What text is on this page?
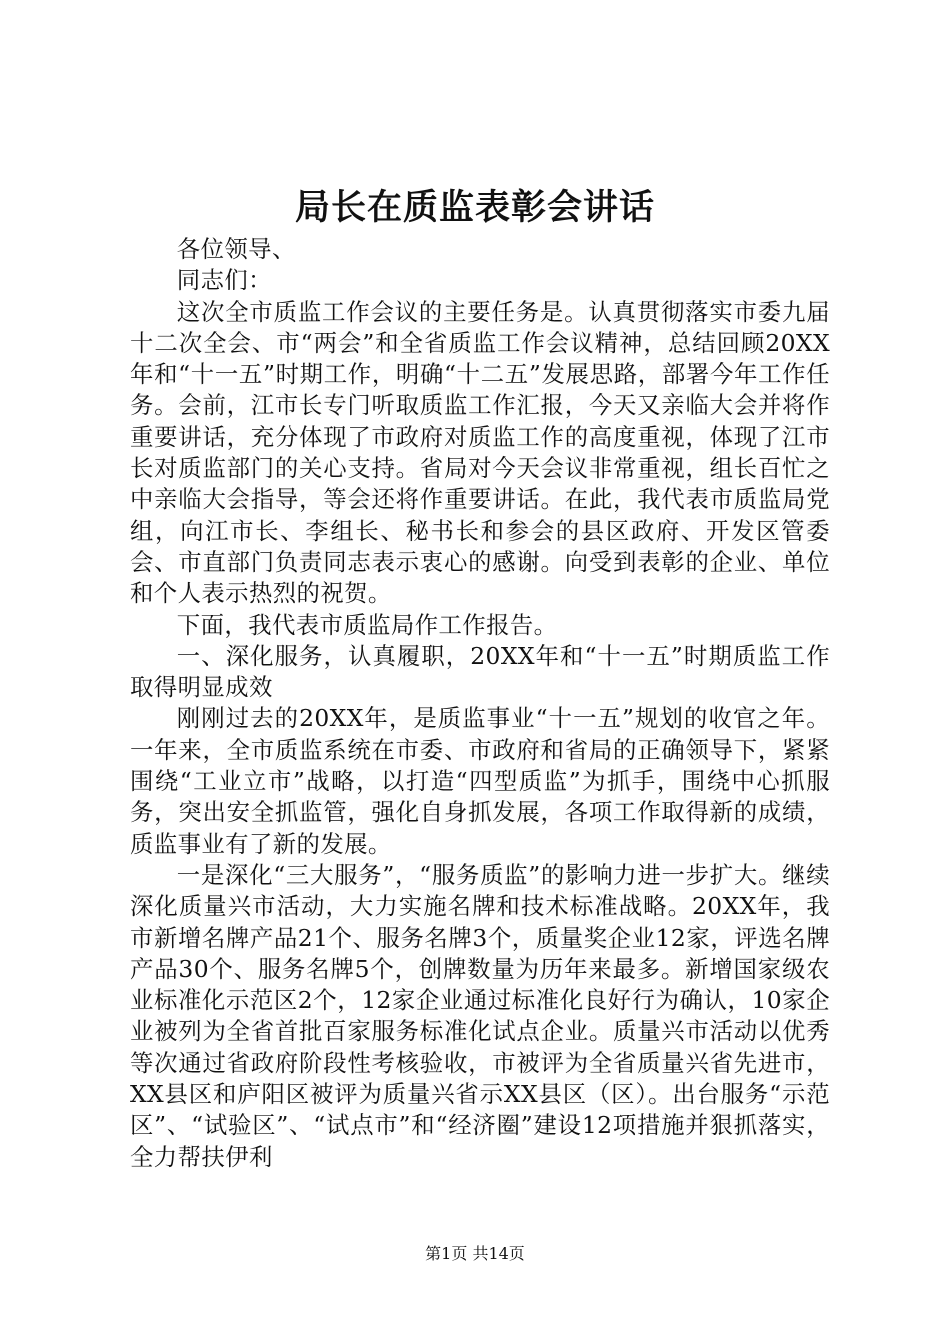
局长在质监表彰会讲话

各位领导、

同志们：

这次全市质监工作会议的主要任务是。认真贯彻落实市委九届十二次全会、市“两会”和全省质监工作会议精神，总结回顾20XX年和“十一五”时期工作，明确“十二五”发展思路，部署今年工作任务。会前，江市长专门听取质监工作汇报，今天又亲临大会并将作重要讲话，充分体现了市政府对质监工作的高度重视，体现了江市长对质监部门的关心支持。省局对今天会议非常重视，组长百忙之中亲临大会指导，等会还将作重要讲话。在此，我代表市质监局党组，向江市长、李组长、秘书长和参会的县区政府、开发区管委会、市直部门负责同志表示衷心的感谢。向受到表彰的企业、单位和个人表示热烈的祝贺。

下面，我代表市质监局作工作报告。

一、深化服务，认真履职，20XX年和“十一五”时期质监工作取得明显成效

刚刚过去的20XX年，是质监事业“十一五”规划的收官之年。一年来，全市质监系统在市委、市政府和省局的正确领导下，紧紧围绕“工业立市”战略，以打造“四型质监”为抓手，围绕中心抓服务，突出安全抓监管，强化自身抓发展，各项工作取得新的成绩，质监事业有了新的发展。

一是深化“三大服务”，“服务质监”的影响力进一步扩大。继续深化质量兴市活动，大力实施名牌和技术标准战略。20XX年，我市新增名牌产品21个、服务名牌3个，质量奖企业12家，评选名牌产品30个、服务名牌5个，创牌数量为历年来最多。新增国家级农业标准化示范区2个，12家企业通过标准化良好行为确认，10家企业被列为全省首批百家服务标准化试点企业。质量兴市活动以优秀等次通过省政府阶段性考核验收，市被评为全省质量兴省先进市，XX县区和庐阳区被评为质量兴省示XX县区（区）。出台服务“示范区”、“试验区”、“试点市”和“经济圈”建设12项措施并狠抓落实，全力帮扶伊利

第1页 共14页
